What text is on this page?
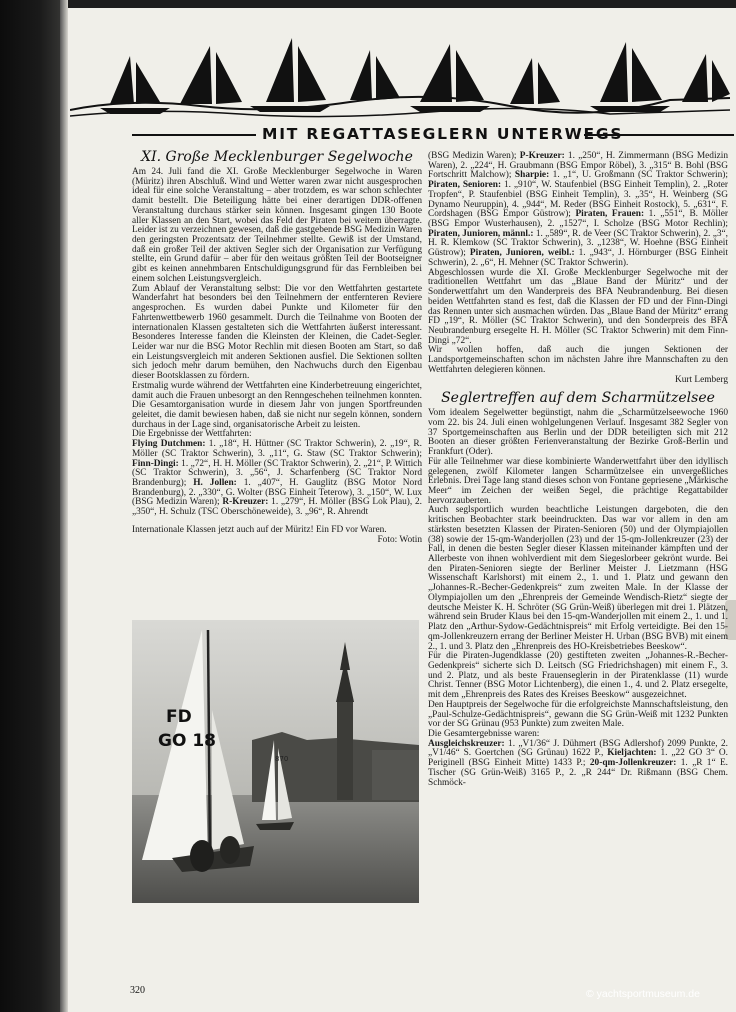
MIT REGATTASEGLERN UNTERWEGS
XI. Große Mecklenburger Segelwoche
Am 24. Juli fand die XI. Große Mecklenburger Segelwoche in Waren (Müritz) ihren Abschluß. Wind und Wetter waren zwar nicht ausgesprochen ideal für eine solche Veranstaltung – aber trotzdem, es war schon schlechter damit bestellt. Die Beteiligung hätte bei einer derartigen DDR-offenen Veranstaltung durchaus stärker sein können. Insgesamt gingen 130 Boote aller Klassen an den Start, wobei das Feld der Piraten bei weitem überragte. Leider ist zu verzeichnen gewesen, daß die gastgebende BSG Medizin Waren den geringsten Prozentsatz der Teilnehmer stellte. Gewiß ist der Umstand, daß ein großer Teil der aktiven Segler sich der Organisation zur Verfügung stellte, ein Grund dafür – aber für den weitaus größten Teil der Bootseigner gibt es keinen annehmbaren Entschuldigungsgrund für das Fernbleiben bei einem solchen Leistungsvergleich.
Zum Ablauf der Veranstaltung selbst: Die vor den Wettfahrten gestartete Wanderfahrt hat besonders bei den Teilnehmern der entfernteren Reviere angesprochen. Es wurden dabei Punkte und Kilometer für den Fahrtenwettbewerb 1960 gesammelt. Durch die Teilnahme von Booten der internationalen Klassen gestalteten sich die Wettfahrten äußerst interessant. Besonderes Interesse fanden die Kleinsten der Kleinen, die Cadet-Segler. Leider war nur die BSG Motor Rechlin mit diesen Booten am Start, so daß ein Leistungsvergleich mit anderen Sektionen ausfiel. Die Sektionen sollten sich jedoch mehr darum bemühen, den Nachwuchs durch den Eigenbau dieser Bootsklassen zu fördern.
Erstmalig wurde während der Wettfahrten eine Kinderbetreuung eingerichtet, damit auch die Frauen unbesorgt an den Renngeschehen teilnehmen konnten. Die Gesamtorganisation wurde in diesem Jahr von jungen Sportfreunden geleitet, die damit bewiesen haben, daß sie nicht nur segeln können, sondern durchaus in der Lage sind, organisatorische Arbeit zu leisten.
Die Ergebnisse der Wettfahrten:
Flying Dutchmen: 1. „18“, H. Hüttner (SC Traktor Schwerin), 2. „19“, R. Möller (SC Traktor Schwerin), 3. „11“, G. Staw (SC Traktor Schwerin); Finn-Dingi: 1. „72“, H. H. Möller (SC Traktor Schwerin), 2. „21“, P. Wittich (SC Traktor Schwerin), 3. „56“, J. Scharfenberg (SC Traktor Nord Brandenburg); H. Jollen: 1. „407“, H. Gauglitz (BSG Motor Nord Brandenburg), 2. „330“, G. Wolter (BSG Einheit Teterow), 3. „150“, W. Lux (BSG Medizin Waren); R-Kreuzer: 1. „279“, H. Möller (BSG Lok Plau), 2. „350“, H. Schulz (TSC Oberschöneweide), 3. „96“, R. Ahrendt
Internationale Klassen jetzt auch auf der Müritz! Ein FD vor Waren.
Foto: Wotin
FD
GO 18
870
(BSG Medizin Waren); P-Kreuzer: 1. „250“, H. Zimmermann (BSG Medizin Waren), 2. „224“, H. Graubmann (BSG Empor Röbel), 3. „315“ B. Bohl (BSG Fortschritt Malchow); Sharpie: 1. „1“, U. Großmann (SC Traktor Schwerin); Piraten, Senioren: 1. „910“, W. Staufenbiel (BSG Einheit Templin), 2. „Roter Tropfen“, P. Staufenbiel (BSG Einheit Templin), 3. „35“, H. Weinberg (SG Dynamo Neuruppin), 4. „944“, M. Reder (BSG Einheit Rostock), 5. „631“, F. Cordshagen (BSG Empor Güstrow); Piraten, Frauen: 1. „551“, B. Möller (BSG Empor Wusterhausen), 2. „1527“, I. Scholze (BSG Motor Rechlin); Piraten, Junioren, männl.: 1. „589“, R. de Veer (SC Traktor Schwerin), 2. „3“, H. R. Klemkow (SC Traktor Schwerin), 3. „1238“, W. Hoehne (BSG Einheit Güstrow); Piraten, Junioren, weibl.: 1. „943“, J. Hörnburger (BSG Einheit Schwerin), 2. „6“, H. Mehner (SC Traktor Schwerin).
Abgeschlossen wurde die XI. Große Mecklenburger Segelwoche mit der traditionellen Wettfahrt um das „Blaue Band der Müritz“ und der Sonderwettfahrt um den Wanderpreis des BFA Neubrandenburg. Bei diesen beiden Wettfahrten stand es fest, daß die Klassen der FD und der Finn-Dingi das Rennen unter sich ausmachen würden. Das „Blaue Band der Müritz“ errang FD „19“, R. Möller (SC Traktor Schwerin), und den Sonderpreis des BFA Neubrandenburg ersegelte H. H. Möller (SC Traktor Schwerin) mit dem Finn-Dingi „72“.
Wir wollen hoffen, daß auch die jungen Sektionen der Landsportgemeinschaften schon im nächsten Jahre ihre Mannschaften zu den Wettfahrten delegieren können.
Kurt Lemberg
Seglertreffen auf dem Scharmützelsee
Vom idealem Segelwetter begünstigt, nahm die „Scharmützelseewoche 1960 vom 22. bis 24. Juli einen wohlgelungenen Verlauf. Insgesamt 382 Segler von 37 Sportgemeinschaften aus Berlin und der DDR beteiligten sich mit 212 Booten an dieser größten Ferienveranstaltung der Bezirke Groß-Berlin und Frankfurt (Oder).
Für alle Teilnehmer war diese kombinierte Wanderwettfahrt über den idyllisch gelegenen, zwölf Kilometer langen Scharmützelsee ein unvergeßliches Erlebnis. Drei Tage lang stand dieses schon von Fontane gepriesene „Märkische Meer“ im Zeichen der weißen Segel, die prächtige Regattabilder hervorzauberten.
Auch seglsportlich wurden beachtliche Leistungen dargeboten, die den kritischen Beobachter stark beeindruckten. Das war vor allem in den am stärksten besetzten Klassen der Piraten-Senioren (50) und der Olympiajollen (38) sowie der 15-qm-Wanderjollen (23) und der 15-qm-Jollenkreuzer (23) der Fall, in denen die besten Segler dieser Klassen miteinander kämpften und der Allerbeste von ihnen wohlverdient mit dem Siegeslorbeer gekrönt wurde. Bei den Piraten-Senioren siegte der Berliner Meister J. Lietzmann (HSG Wissenschaft Karlshorst) mit einem 2., 1. und 1. Platz und gewann den „Johannes-R.-Becher-Gedenkpreis“ zum zweiten Male. In der Klasse der Olympiajollen um den „Ehrenpreis der Gemeinde Wendisch-Rietz“ siegte der deutsche Meister K. H. Schröter (SG Grün-Weiß) überlegen mit drei 1. Plätzen, während sein Bruder Klaus bei den 15-qm-Wanderjollen mit einem 2., 1. und 1. Platz den „Arthur-Sydow-Gedächtnispreis“ mit Erfolg verteidigte. Bei den 15-qm-Jollenkreuzern errang der Berliner Meister H. Urban (BSG BVB) mit einem 2., 1. und 3. Platz den „Ehrenpreis des HO-Kreisbetriebes Beeskow“.
Für die Piraten-Jugendklasse (20) gestifteten zweiten „Johannes-R.-Becher-Gedenkpreis“ sicherte sich D. Leitsch (SG Friedrichshagen) mit einem F., 3. und 2. Platz, und als beste Frauenseglerin in der Piratenklasse (11) wurde Christ. Tenner (BSG Motor Lichtenberg), die einen 1., 4. und 2. Platz ersegelte, mit dem „Ehrenpreis des Rates des Kreises Beeskow“ ausgezeichnet.
Den Hauptpreis der Segelwoche für die erfolgreichste Mannschaftsleistung, den „Paul-Schulze-Gedächtnispreis“, gewann die SG Grün-Weiß mit 1232 Punkten vor der SG Grünau (953 Punkte) zum zweiten Male.
Die Gesamtergebnisse waren:
Ausgleichskreuzer: 1. „V1/36“ J. Dühmert (BSG Adlershof) 2099 Punkte, 2. „V1/46“ S. Goertchen (SG Grünau) 1622 P., Kieljachten: 1. „22 GO 3“ O. Periginell (BSG Einheit Mitte) 1433 P.; 20-qm-Jollenkreuzer: 1. „R 1“ E. Tischer (SG Grün-Weiß) 3165 P., 2. „R 244“ Dr. Rißmann (BSG Chem. Schmöck-
320	© yachtsportmuseum.de
